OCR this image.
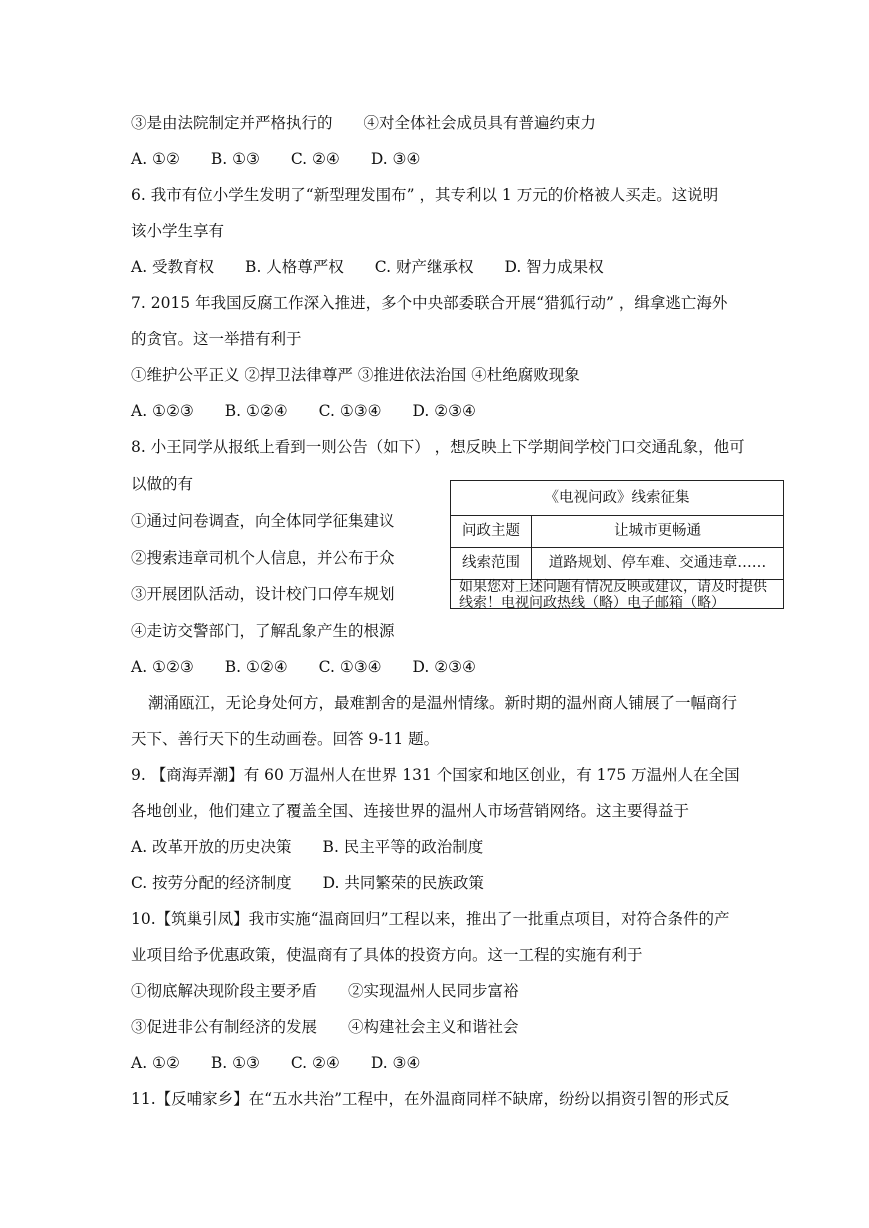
③是由法院制定并严格执行的　　④对全体社会成员具有普遍约束力
A. ①②　　B. ①③　　C. ②④　　D. ③④
6. 我市有位小学生发明了“新型理发围布” ，其专利以 1 万元的价格被人买走。这说明
该小学生享有
A. 受教育权　　B. 人格尊严权　　C. 财产继承权　　D. 智力成果权
7. 2015 年我国反腐工作深入推进，多个中央部委联合开展“猎狐行动” ，缉拿逃亡海外
的贪官。这一举措有利于
①维护公平正义 ②捍卫法律尊严 ③推进依法治国 ④杜绝腐败现象
A. ①②③　　B. ①②④　　C. ①③④　　D. ②③④
8. 小王同学从报纸上看到一则公告（如下） ，想反映上下学期间学校门口交通乱象，他可
以做的有
①通过问卷调查，向全体同学征集建议
②搜索违章司机个人信息，并公布于众
③开展团队活动，设计校门口停车规划
④走访交警部门，了解乱象产生的根源
A. ①②③　　B. ①②④　　C. ①③④　　D. ②③④
潮涌瓯江，无论身处何方，最难割舍的是温州情缘。新时期的温州商人铺展了一幅商行
天下、善行天下的生动画卷。回答 9-11 题。
9. 【商海弄潮】有 60 万温州人在世界 131 个国家和地区创业，有 175 万温州人在全国
各地创业，他们建立了覆盖全国、连接世界的温州人市场营销网络。这主要得益于
A. 改革开放的历史决策　　B. 民主平等的政治制度
C. 按劳分配的经济制度　　D. 共同繁荣的民族政策
10.【筑巢引凤】我市实施“温商回归”工程以来，推出了一批重点项目，对符合条件的产
业项目给予优惠政策，使温商有了具体的投资方向。这一工程的实施有利于
①彻底解决现阶段主要矛盾　　②实现温州人民同步富裕
③促进非公有制经济的发展　　④构建社会主义和谐社会
A. ①②　　B. ①③　　C. ②④　　D. ③④
11.【反哺家乡】在“五水共治”工程中，在外温商同样不缺席，纷纷以捐资引智的形式反
《电视问政》线索征集
问政主题	让城市更畅通
线索范围	道路规划、停车难、交通违章……
如果您对上述问题有情况反映或建议，请及时提供线索！电视问政热线（略）电子邮箱（略）
